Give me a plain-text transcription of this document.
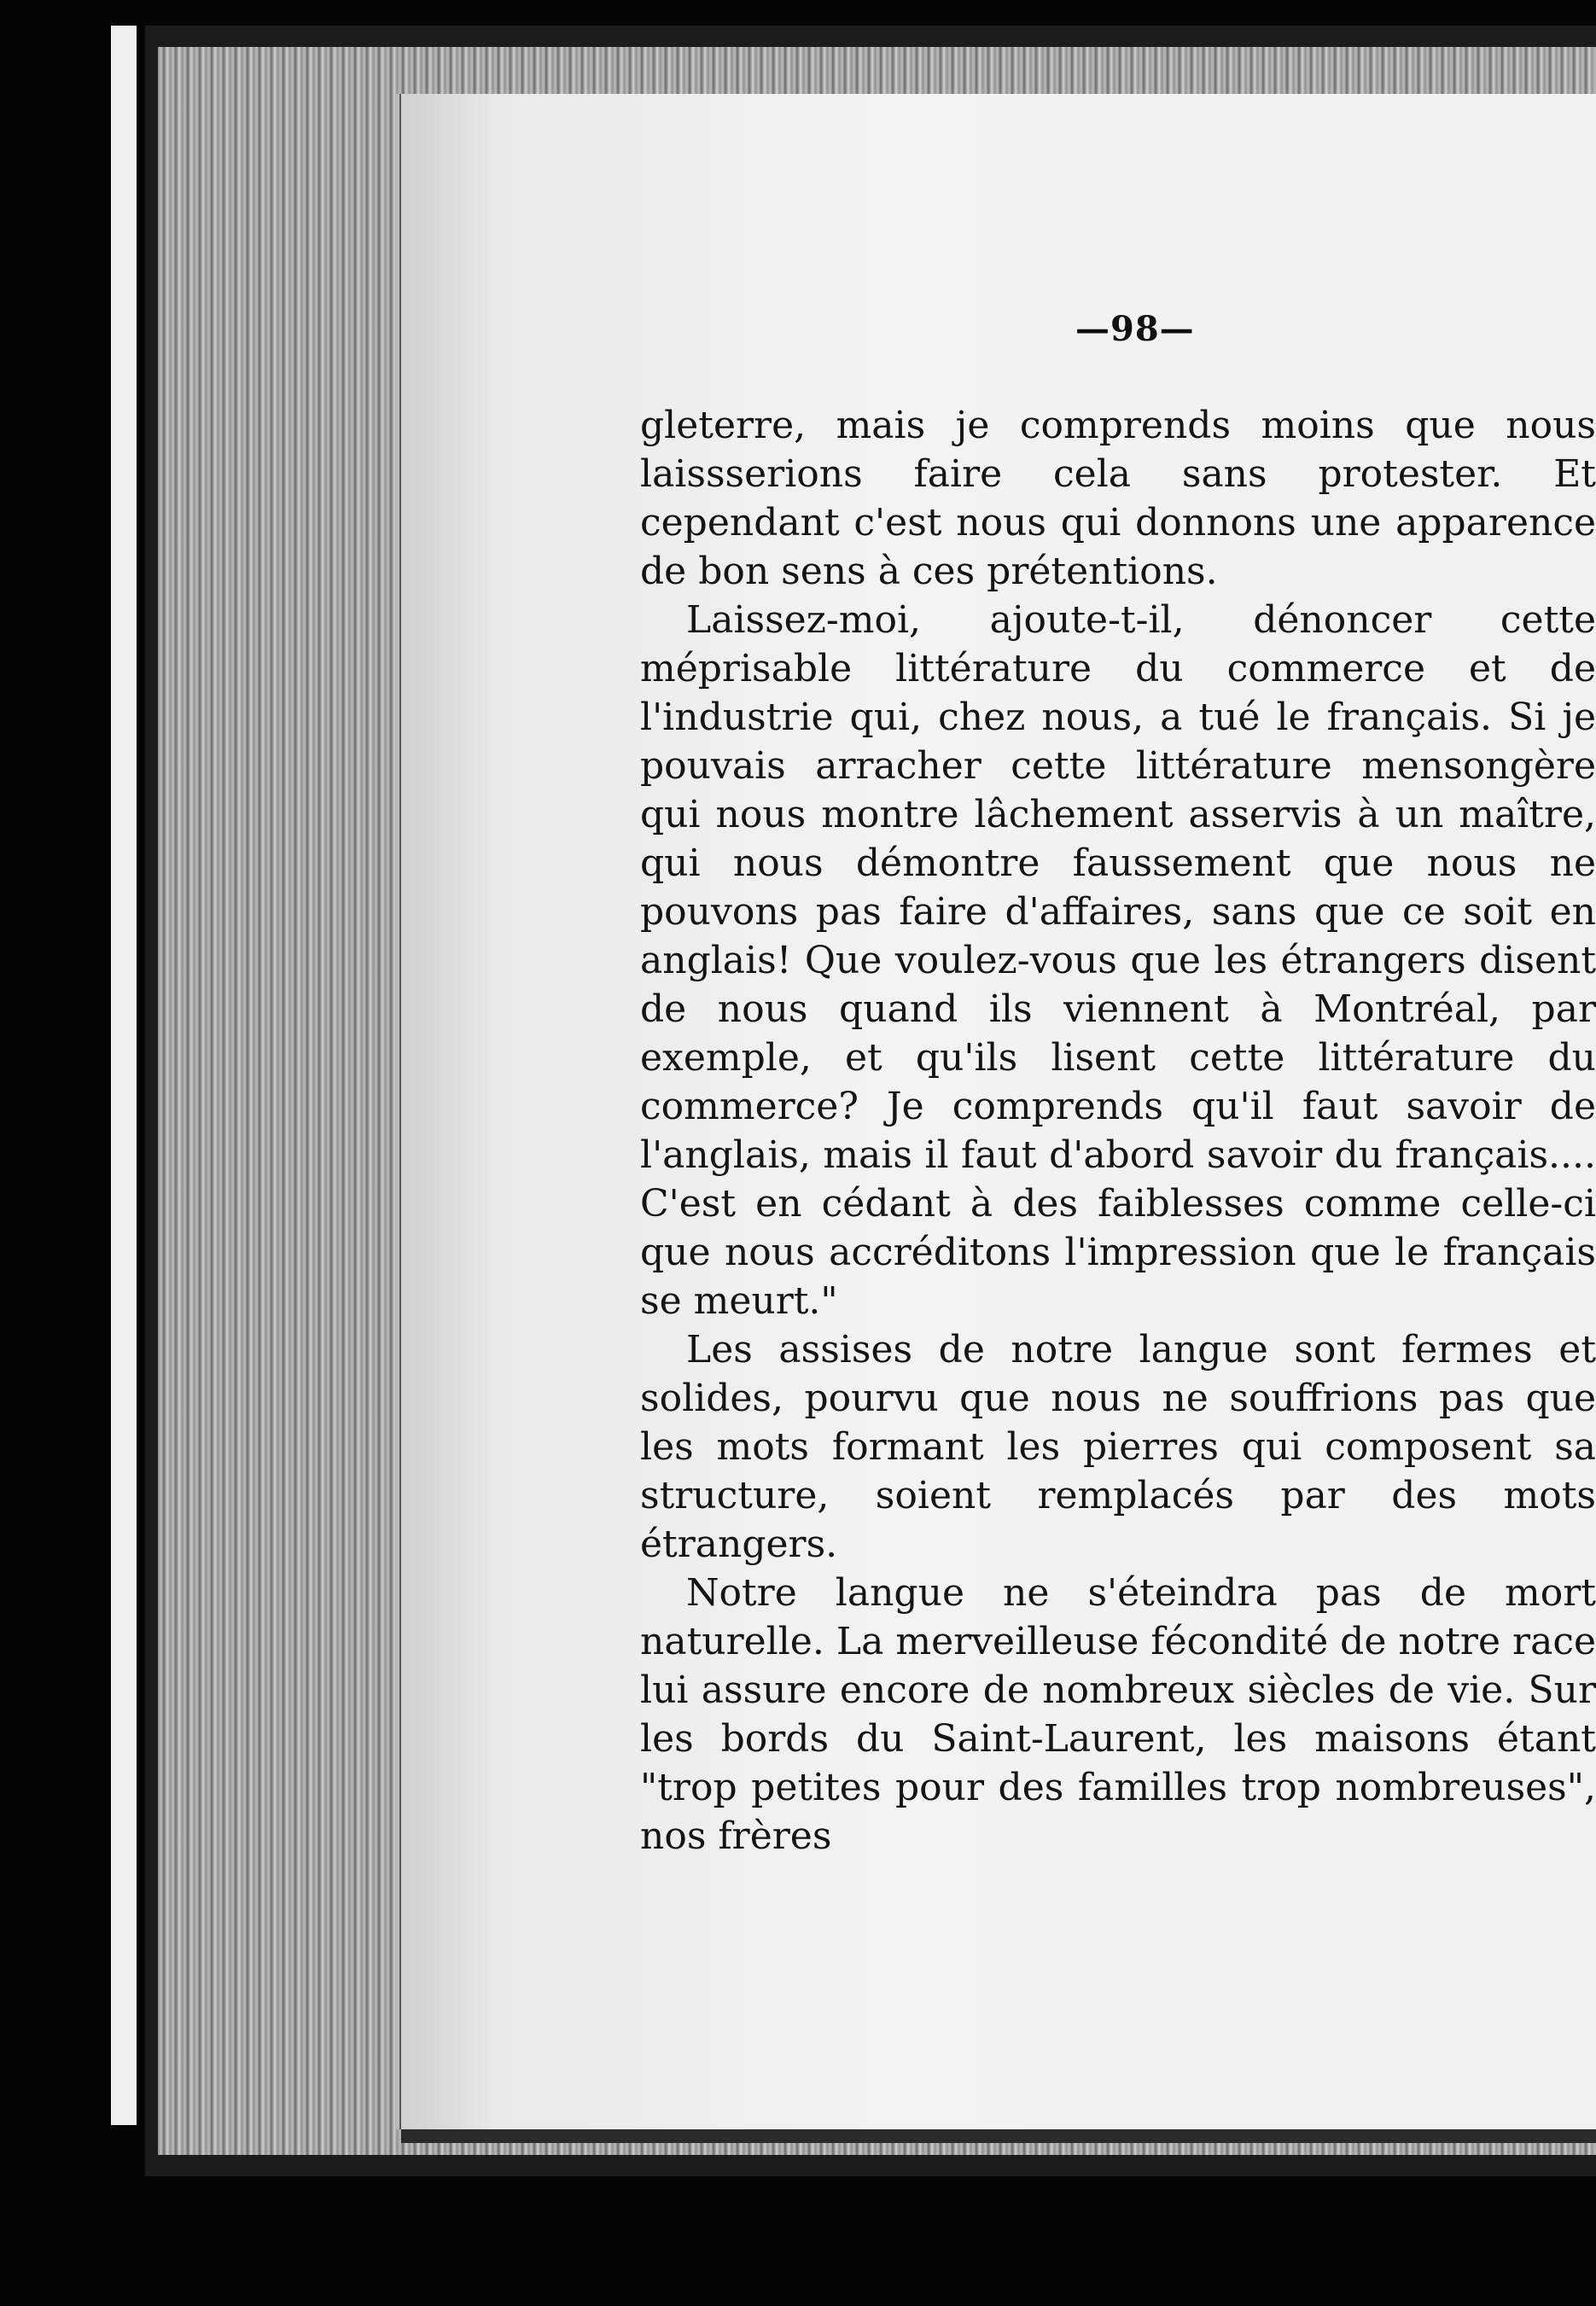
—98—

gleterre, mais je comprends moins que nous laissserions faire cela sans protester. Et cependant c'est nous qui donnons une apparence de bon sens à ces prétentions.

Laissez-moi, ajoute-t-il, dénoncer cette méprisable littérature du commerce et de l'industrie qui, chez nous, a tué le français. Si je pouvais arracher cette littérature mensongère qui nous montre lâchement asservis à un maître, qui nous démontre faussement que nous ne pouvons pas faire d'affaires, sans que ce soit en anglais! Que voulez-vous que les étrangers disent de nous quand ils viennent à Montréal, par exemple, et qu'ils lisent cette littérature du commerce? Je comprends qu'il faut savoir de l'anglais, mais il faut d'abord savoir du français.... C'est en cédant à des faiblesses comme celle-ci que nous accréditons l'impression que le français se meurt."

Les assises de notre langue sont fermes et solides, pourvu que nous ne souffrions pas que les mots formant les pierres qui composent sa structure, soient remplacés par des mots étrangers.

Notre langue ne s'éteindra pas de mort naturelle. La merveilleuse fécondité de notre race lui assure encore de nombreux siècles de vie. Sur les bords du Saint-Laurent, les maisons étant "trop petites pour des familles trop nombreuses", nos frères
